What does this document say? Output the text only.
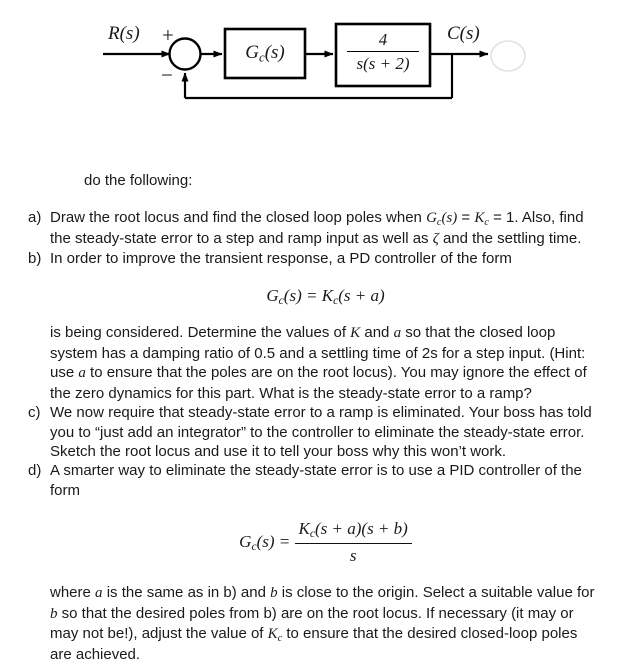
R(s) +
−
$G_c(s)$
4
s(s + 2)
C(s)
do the following:
a) Draw the root locus and find the closed loop poles when $G_c(s) = K_c = 1$. Also, find the steady-state error to a step and ramp input as well as ζ and the settling time.
b) In order to improve the transient response, a PD controller of the form
$G_c(s) = K_c(s + a)$
is being considered. Determine the values of K and a so that the closed loop system has a damping ratio of 0.5 and a settling time of 2s for a step input. (Hint: use a to ensure that the poles are on the root locus). You may ignore the effect of the zero dynamics for this part. What is the steady-state error to a ramp?
c) We now require that steady-state error to a ramp is eliminated. Your boss has told you to “just add an integrator” to the controller to eliminate the steady-state error. Sketch the root locus and use it to tell your boss why this won’t work.
d) A smarter way to eliminate the steady-state error is to use a PID controller of the form
$G_c(s) = \frac{K_c(s + a)(s + b)}{s}$
where a is the same as in b) and b is close to the origin. Select a suitable value for b so that the desired poles from b) are on the root locus. If necessary (it may or may not be!), adjust the value of $K_c$ to ensure that the desired closed-loop poles are achieved.
